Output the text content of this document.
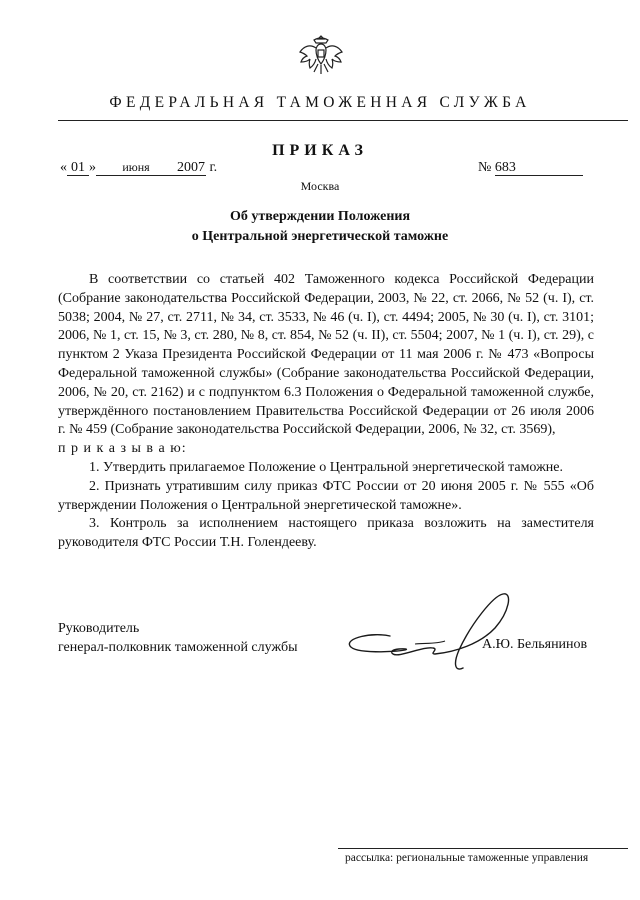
ФЕДЕРАЛЬНАЯ ТАМОЖЕННАЯ СЛУЖБА
ПРИКАЗ
« 01 » июня 2007 г.	№ 683
Москва
Об утверждении Положения
о Центральной энергетической таможне

В соответствии со статьей 402 Таможенного кодекса Российской Федерации (Собрание законодательства Российской Федерации, 2003, № 22, ст. 2066, № 52 (ч. I), ст. 5038; 2004, № 27, ст. 2711, № 34, ст. 3533, № 46 (ч. I), ст. 4494; 2005, № 30 (ч. I), ст. 3101; 2006, № 1, ст. 15, № 3, ст. 280, № 8, ст. 854, № 52 (ч. II), ст. 5504; 2007, № 1 (ч. I), ст. 29), с пунктом 2 Указа Президента Российской Федерации от 11 мая 2006 г. № 473 «Вопросы Федеральной таможенной службы» (Собрание законодательства Российской Федерации, 2006, № 20, ст. 2162) и с подпунктом 6.3 Положения о Федеральной таможенной службе, утверждённого постановлением Правительства Российской Федерации от 26 июля 2006 г. № 459 (Собрание законодательства Российской Федерации, 2006, № 32, ст. 3569),

п р и к а з ы в а ю:

1. Утвердить прилагаемое Положение о Центральной энергетической таможне.

2. Признать утратившим силу приказ ФТС России от 20 июня 2005 г. № 555 «Об утверждении Положения о Центральной энергетической таможне».

3. Контроль за исполнением настоящего приказа возложить на заместителя руководителя ФТС России Т.Н. Голендееву.

Руководитель
генерал-полковник таможенной службы	А.Ю. Бельянинов
рассылка: региональные таможенные управления
